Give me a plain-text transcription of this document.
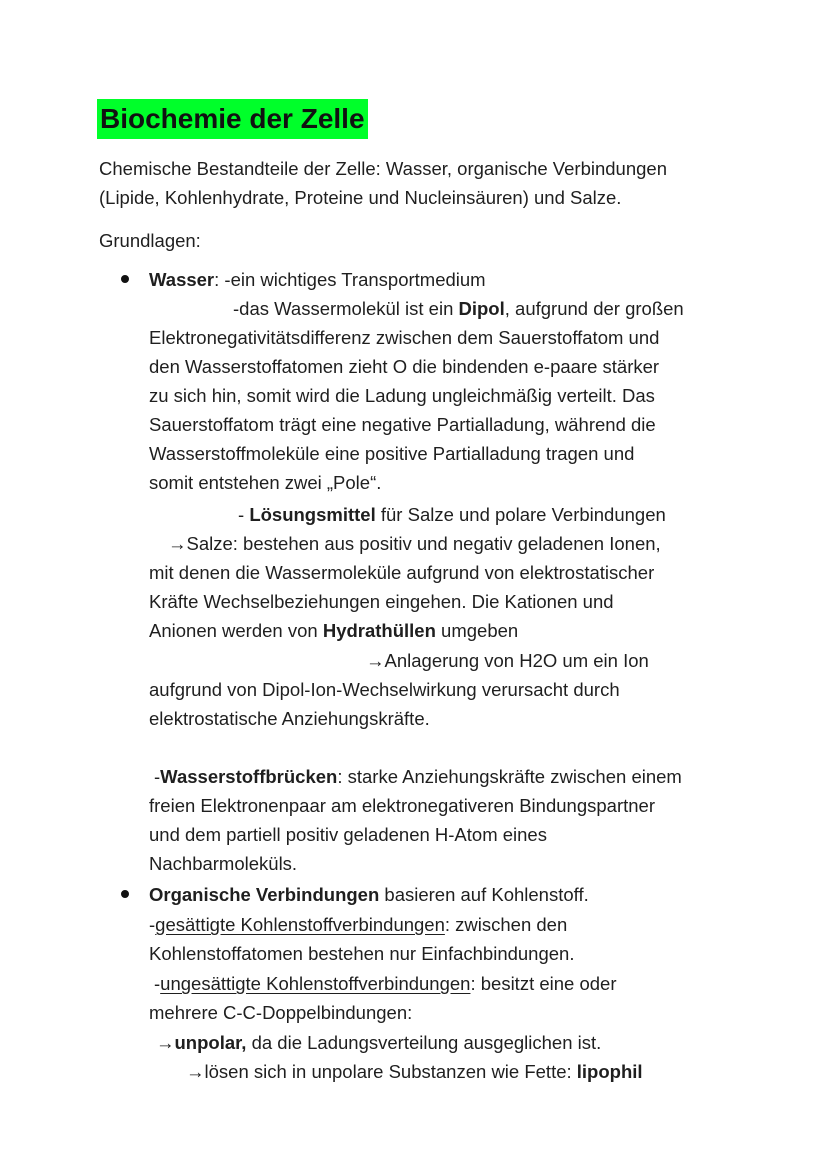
Biochemie der Zelle
Chemische Bestandteile der Zelle: Wasser, organische Verbindungen
(Lipide, Kohlenhydrate, Proteine und Nucleinsäuren) und Salze.
Grundlagen:
Wasser: -ein wichtiges Transportmedium
-das Wassermolekül ist ein Dipol, aufgrund der großen
Elektronegativitätsdifferenz zwischen dem Sauerstoffatom und
den Wasserstoffatomen zieht O die bindenden e-paare stärker
zu sich hin, somit wird die Ladung ungleichmäßig verteilt. Das
Sauerstoffatom trägt eine negative Partialladung, während die
Wasserstoffmoleküle eine positive Partialladung tragen und
somit entstehen zwei „Pole“.
- Lösungsmittel für Salze und polare Verbindungen
→Salze: bestehen aus positiv und negativ geladenen Ionen,
mit denen die Wassermoleküle aufgrund von elektrostatischer
Kräfte Wechselbeziehungen eingehen. Die Kationen und
Anionen werden von Hydrathüllen umgeben
→Anlagerung von H2O um ein Ion
aufgrund von Dipol-Ion-Wechselwirkung verursacht durch
elektrostatische Anziehungskräfte.
-Wasserstoffbrücken: starke Anziehungskräfte zwischen einem
freien Elektronenpaar am elektronegativeren Bindungspartner
und dem partiell positiv geladenen H-Atom eines
Nachbarmoleküls.
Organische Verbindungen basieren auf Kohlenstoff.
-gesättigte Kohlenstoffverbindungen: zwischen den
Kohlenstoffatomen bestehen nur Einfachbindungen.
-ungesättigte Kohlenstoffverbindungen: besitzt eine oder
mehrere C-C-Doppelbindungen:
→unpolar, da die Ladungsverteilung ausgeglichen ist.
→lösen sich in unpolare Substanzen wie Fette: lipophil
